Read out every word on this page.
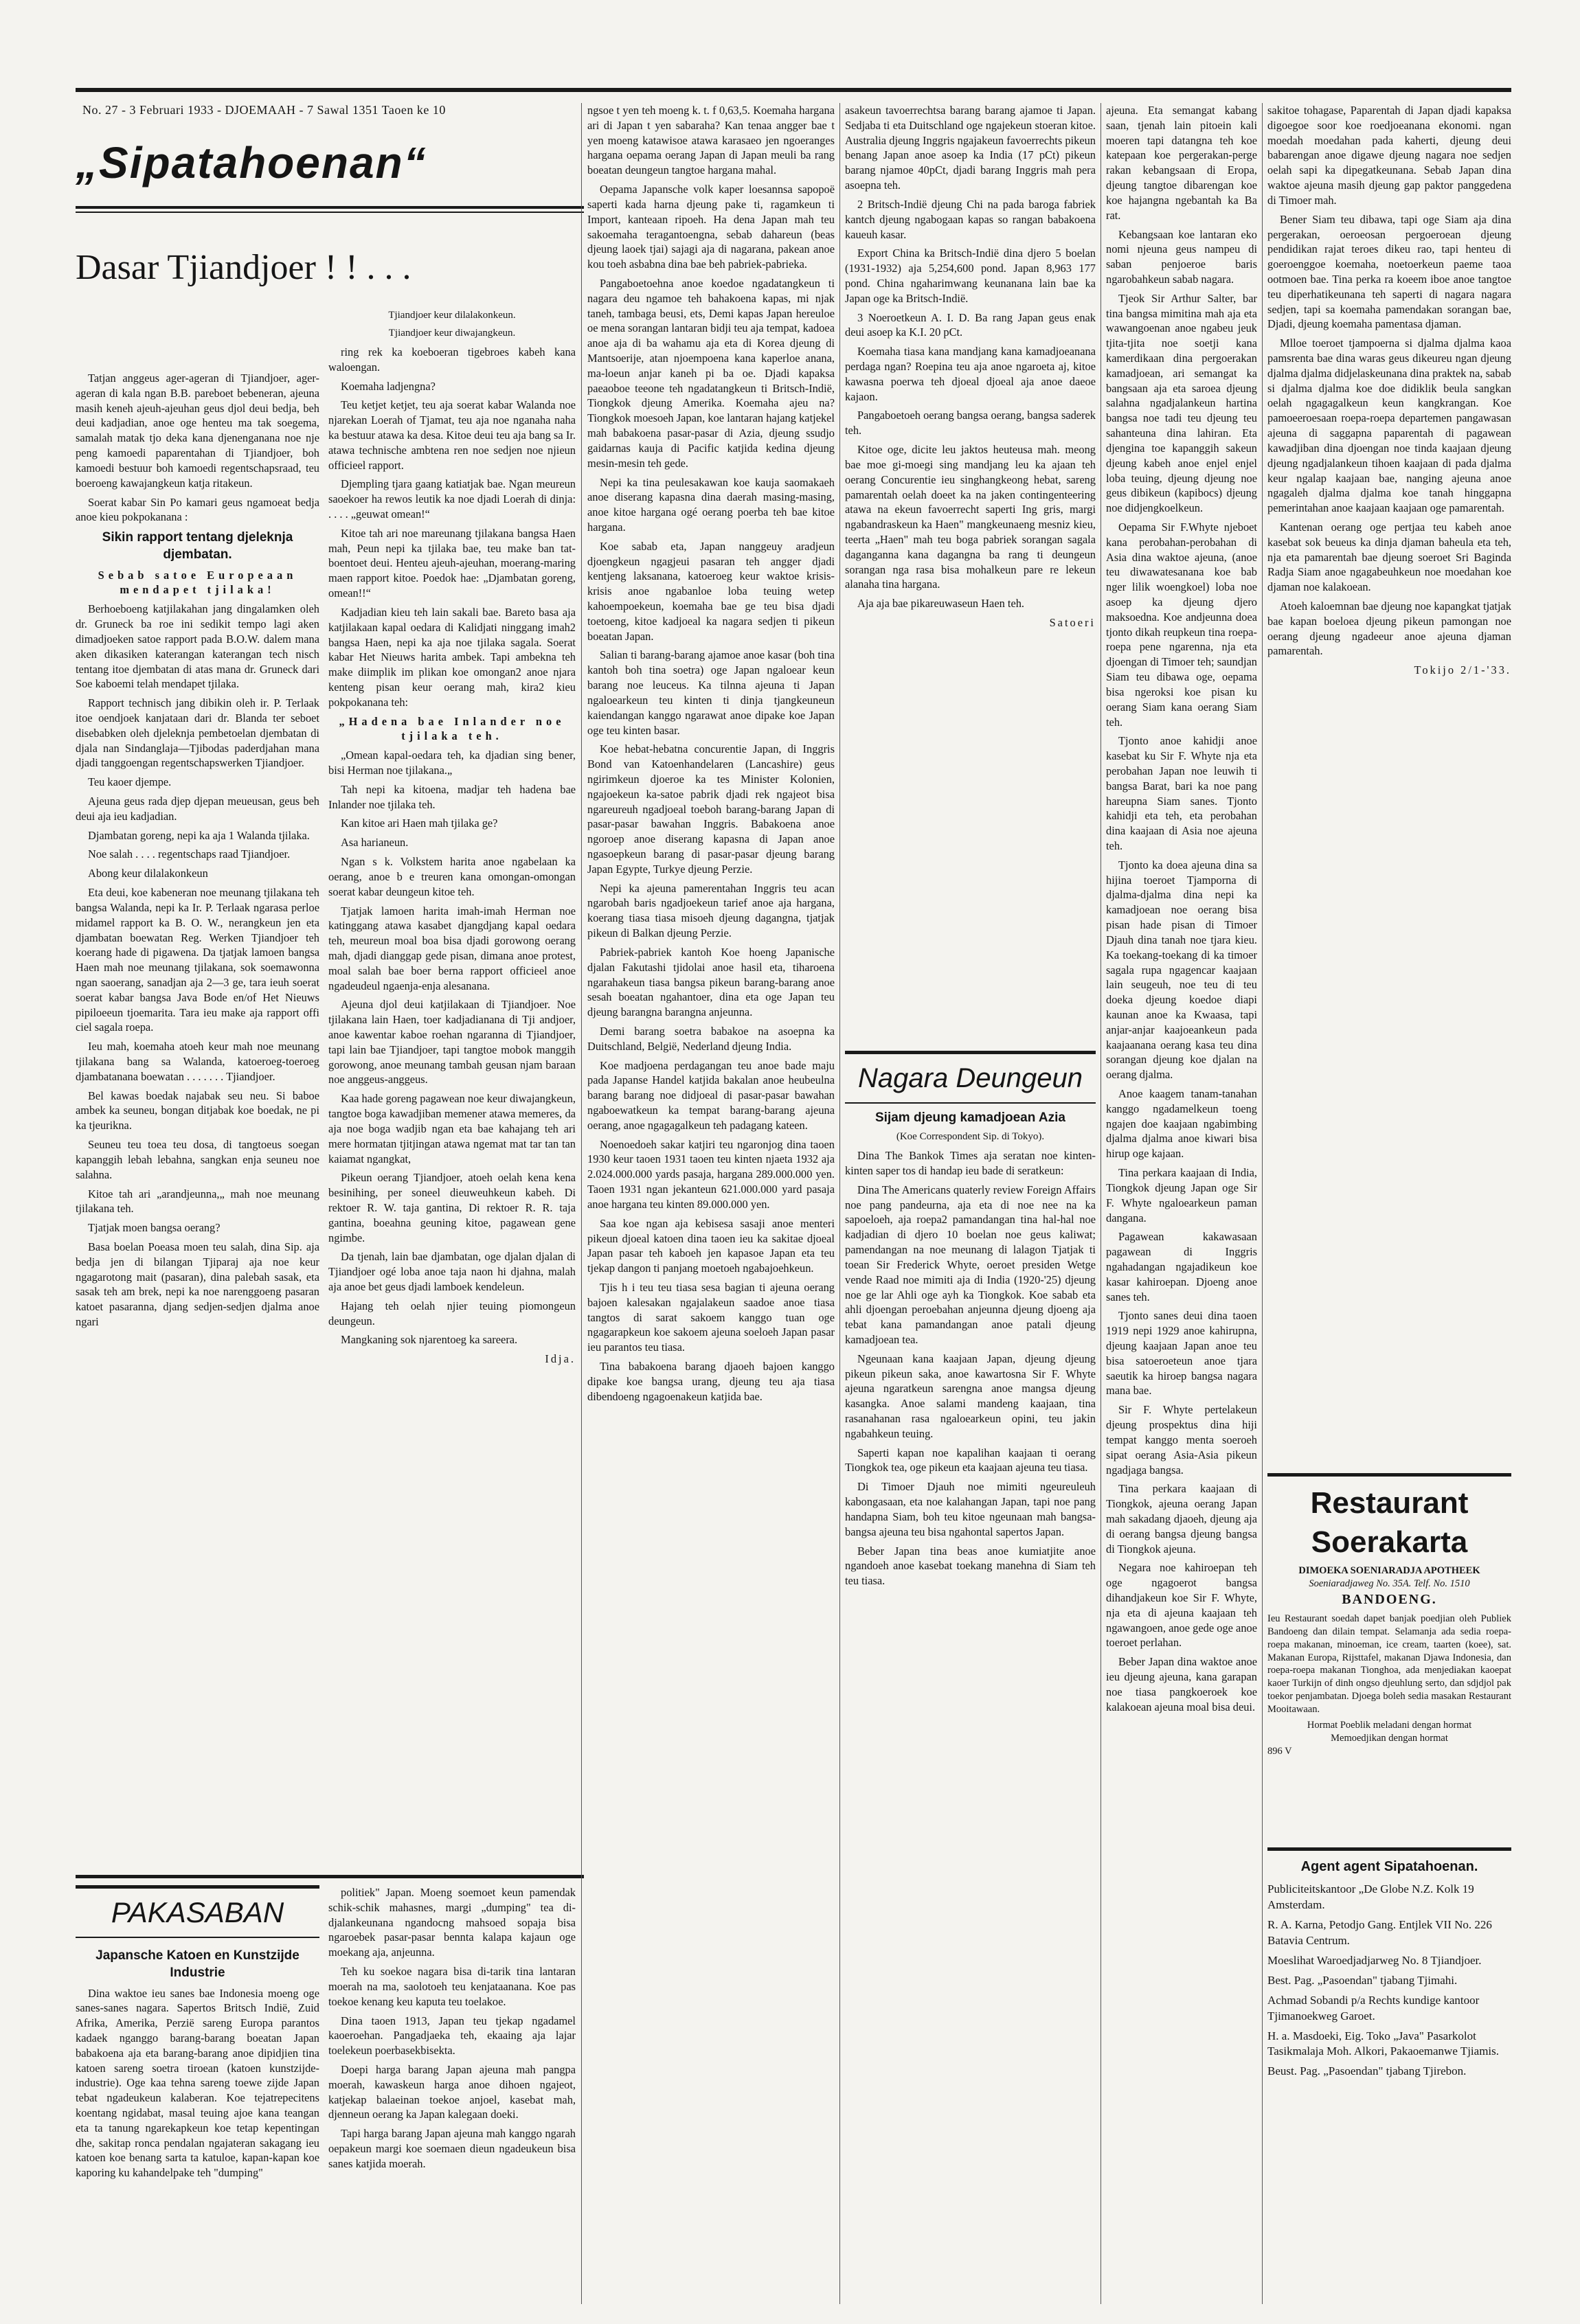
No. 27 - 3 Februari 1933 - DJOEMAAH - 7 Sawal 1351 Taoen ke 10
„Sipatahoenan“
Dasar Tjiandjoer ! ! . . .

Tatjan anggeus ager-ageran di Tjiandjoer, ager-ageran di kala ngan B.B. pareboet bebeneran, ajeuna masih keneh ajeuh-ajeuhan geus djol deui bedja, beh deui kadjadian, anoe oge henteu ma tak soegema, samalah matak tjo deka kana djenenganana noe nje peng kamoedi paparentahan di Tjiandjoer, boh kamoedi bestuur boh kamoedi regentschapsraad, teu boeroeng kawajangkeun katja ritakeun.

Soerat kabar Sin Po kamari geus ngamoeat bedja anoe kieu pokpokanana :

Sikin rapport tentang djeleknja djembatan.

Sebab satoe Europeaan mendapet tjilaka!

Berhoeboeng katjilakahan jang dingalamken oleh dr. Gruneck ba roe ini sedikit tempo lagi aken dimadjoeken satoe rapport pada B.O.W. dalem mana aken dikasiken katerangan katerangan tech nisch tentang itoe djembatan di atas mana dr. Gruneck dari Soe kaboemi telah mendapet tjilaka.

Rapport technisch jang dibikin oleh ir. P. Terlaak itoe oendjoek kanjataan dari dr. Blanda ter seboet disebabken oleh djeleknja pembetoelan djembatan di djala nan Sindanglaja—Tjibodas paderdjahan mana djadi tanggoengan regentschapswerken Tjiandjoer.

Teu kaoer djempe.

Ajeuna geus rada djep djepan meueusan, geus beh deui aja ieu kadjadian.

Djambatan goreng, nepi ka aja 1 Walanda tjilaka.

Noe salah . . . . regentschaps raad Tjiandjoer.

Abong keur dilalakonkeun

Eta deui, koe kabeneran noe meunang tjilakana teh bangsa Walanda, nepi ka Ir. P. Terlaak ngarasa perloe midamel rapport ka B. O. W., nerangkeun jen eta djambatan boewatan Reg. Werken Tjiandjoer teh koerang hade di pigawena. Da tjatjak lamoen bangsa Haen mah noe meunang tjilakana, sok soemawonna ngan saoerang, sanadjan aja 2—3 ge, tara ieuh soerat soerat kabar bangsa Java Bode en/of Het Nieuws pipiloeeun tjoemarita. Tara ieu make aja rapport offi ciel sagala roepa.

Ieu mah, koemaha atoeh keur mah noe meunang tjilakana bang sa Walanda, katoeroeg-toeroeg djambatanana boewatan . . . . . . . Tjiandjoer.

Bel kawas boedak najabak seu neu. Si baboe ambek ka seuneu, bongan ditjabak koe boedak, ne pi ka tjeurikna.

Seuneu teu toea teu dosa, di tangtoeus soegan kapanggih lebah lebahna, sangkan enja seuneu noe salahna.

Kitoe tah ari „arandjeunna,„ mah noe meunang tjilakana teh.

Tjatjak moen bangsa oerang?

Basa boelan Poeasa moen teu salah, dina Sip. aja bedja jen di bilangan Tjiparaj aja noe keur ngagarotong mait (pasaran), dina palebah sasak, eta sasak teh am brek, nepi ka noe narenggoeng pasaran katoet pasaranna, djang sedjen-sedjen djalma anoe ngari

Tjiandjoer keur dilalakonkeun.

Tjiandjoer keur diwajangkeun.

ring rek ka koeboeran tigebroes kabeh kana waloengan.

Koemaha ladjengna?

Teu ketjet ketjet, teu aja soerat kabar Walanda noe njarekan Loerah of Tjamat, teu aja noe nganaha naha ka bestuur atawa ka desa. Kitoe deui teu aja bang sa Ir. atawa technische ambtena ren noe sedjen noe njieun officieel rapport.

Djempling tjara gaang katiatjak bae. Ngan meureun saoekoer ha rewos leutik ka noe djadi Loerah di dinja: . . . . „geuwat omean!“

Kitoe tah ari noe mareunang tjilakana bangsa Haen mah, Peun nepi ka tjilaka bae, teu make ban tat-boentoet deui. Henteu ajeuh-ajeuhan, moerang-maring maen rapport kitoe. Poedok hae: „Djambatan goreng, omean!!“

Kadjadian kieu teh lain sakali bae. Bareto basa aja katjilakaan kapal oedara di Kalidjati ninggang imah2 bangsa Haen, nepi ka aja noe tjilaka sagala. Soerat kabar Het Nieuws harita ambek. Tapi ambekna teh make diimplik im plikan koe omongan2 anoe njara kenteng pisan keur oerang mah, kira2 kieu pokpokanana teh:

„Hadena bae Inlander noe tjilaka teh.

„Omean kapal-oedara teh, ka djadian sing bener, bisi Herman noe tjilakana.„

Tah nepi ka kitoena, madjar teh hadena bae Inlander noe tjilaka teh.

Kan kitoe ari Haen mah tjilaka ge?

Asa harianeun.

Ngan s k. Volkstem harita anoe ngabelaan ka oerang, anoe b e treuren kana omongan-omongan soerat kabar deungeun kitoe teh.

Tjatjak lamoen harita imah-imah Herman noe katinggang atawa kasabet djangdjang kapal oedara teh, meureun moal boa bisa djadi gorowong oerang mah, djadi dianggap gede pisan, dimana anoe protest, moal salah bae boer berna rapport officieel anoe ngadeudeul ngaenja-enja alesanana.

Ajeuna djol deui katjilakaan di Tjiandjoer. Noe tjilakana lain Haen, toer kadjadianana di Tji andjoer, anoe kawentar kaboe roehan ngaranna di Tjiandjoer, tapi lain bae Tjiandjoer, tapi tangtoe mobok manggih gorowong, anoe meunang tambah geusan njam baraan noe anggeus-anggeus.

Kaa hade goreng pagawean noe keur diwajangkeun, tangtoe boga kawadjiban memener atawa memeres, da aja noe boga wadjib ngan eta bae kahajang teh ari mere hormatan tjitjingan atawa ngemat mat tar tan tan kaiamat ngangkat,

Pikeun oerang Tjiandjoer, atoeh oelah kena kena besinihing, per soneel dieuweuhkeun kabeh. Di rektoer R. W. taja gantina, Di rektoer R. R. taja gantina, boeahna geuning kitoe, pagawean gene ngimbe.

Da tjenah, lain bae djambatan, oge djalan djalan di Tjiandjoer ogé loba anoe taja naon hi djahna, malah aja anoe bet geus djadi lamboek kendeleun.

Hajang teh oelah njier teuing piomongeun deungeun.

Mangkaning sok njarentoeg ka sareera.

Idja.

PAKASABAN

Japansche Katoen en Kunstzijde Industrie

Dina waktoe ieu sanes bae Indonesia moeng oge sanes-sanes nagara. Sapertos Britsch Indië, Zuid Afrika, Amerika, Perzië sareng Europa parantos kadaek nganggo barang-barang boeatan Japan babakoena aja eta barang-barang anoe dipidjien tina katoen sareng soetra tiroean (katoen kunstzijde-industrie). Oge kaa tehna sareng toewe zijde Japan tebat ngadeukeun kalaberan. Koe tejatrepecitens koentang ngidabat, masal teuing ajoe kana teangan eta ta tanung ngarekapkeun koe tetap kepentingan dhe, sakitap ronca pendalan ngajateran sakagang ieu katoen koe benang sarta ta katuloe, kapan-kapan koe kaporing ku kahandelpake teh "dumping"

politiek" Japan. Moeng soemoet keun pamendak schik-schik mahasnes, margi „dumping" tea di-djalankeunana ngandocng mahsoed sopaja bisa ngaroebek pasar-pasar bennta kalapa kajaun oge moekang aja, anjeunna.

Teh ku soekoe nagara bisa di-tarik tina lantaran moerah na ma, saolotoeh teu kenjataanana. Koe pas toekoe kenang keu kaputa teu toelakoe.

Dina taoen 1913, Japan teu tjekap ngadamel kaoeroehan. Pangadjaeka teh, ekaaing aja lajar toelekeun poerbasekbisekta.

Doepi harga barang Japan ajeuna mah pangpa moerah, kawaskeun harga anoe dihoen ngajeot, katjekap balaeinan toekoe anjoel, kasebat mah, djenneun oerang ka Japan kalegaan doeki.

Tapi harga barang Japan ajeuna mah kanggo ngarah oepakeun margi koe soemaen dieun ngadeukeun bisa sanes katjida moerah.

ngsoe t yen teh moeng k. t. f 0,63,5. Koemaha hargana ari di Japan t yen sabaraha? Kan tenaa angger bae t yen moeng katawisoe atawa karasaeo jen ngoeranges hargana oepama oerang Japan di Japan meuli ba rang boeatan deungeun tangtoe hargana mahal.

Oepama Japansche volk kaper loesannsa sapopoë saperti kada harna djeung pake ti, ragamkeun ti Import, kanteaan ripoeh. Ha dena Japan mah teu sakoemaha teragantoengna, sebab dahareun (beas djeung laoek tjai) sajagi aja di nagarana, pakean anoe kou toeh asbabna dina bae beh pabriek-pabrieka.

Pangaboetoehna anoe koedoe ngadatangkeun ti nagara deu ngamoe teh bahakoena kapas, mi njak taneh, tambaga beusi, ets, Demi kapas Japan hereuloe oe mena sorangan lantaran bidji teu aja tempat, kadoea anoe aja di ba wahamu aja eta di Korea djeung di Mantsoerije, atan njoempoena kana kaperloe anana, ma-loeun anjar kaneh pi ba oe. Djadi kapaksa paeaoboe teeone teh ngadatangkeun ti Britsch-Indië, Tiongkok djeung Amerika. Koemaha ajeu na? Tiongkok moesoeh Japan, koe lantaran hajang katjekel mah babakoena pasar-pasar di Azia, djeung ssudjo gaidarnas kauja di Pacific katjida kedina djeung mesin-mesin teh gede.

Nepi ka tina peulesakawan koe kauja saomakaeh anoe diserang kapasna dina daerah masing-masing, anoe kitoe hargana ogé oerang poerba teh bae kitoe hargana.

Koe sabab eta, Japan nanggeuy aradjeun djoengkeun ngagjeui pasaran teh angger djadi kentjeng laksanana, katoeroeg keur waktoe krisis-krisis anoe ngabanloe loba teuing wetep kahoempoekeun, koemaha bae ge teu bisa djadi toetoeng, kitoe kadjoeal ka nagara sedjen ti pikeun boeatan Japan.

Salian ti barang-barang ajamoe anoe kasar (boh tina kantoh boh tina soetra) oge Japan ngaloear keun barang noe leuceus. Ka tilnna ajeuna ti Japan ngaloearkeun teu kinten ti dinja tjangkeuneun kaiendangan kanggo ngarawat anoe dipake koe Japan oge teu kinten basar.

Koe hebat-hebatna concurentie Japan, di Inggris Bond van Katoenhandelaren (Lancashire) geus ngirimkeun djoeroe ka tes Minister Kolonien, ngajoekeun ka-satoe pabrik djadi rek ngajeot bisa ngareureuh ngadjoeal toeboh barang-barang Japan di pasar-pasar bawahan Inggris. Babakoena anoe ngoroep anoe diserang kapasna di Japan anoe ngasoepkeun barang di pasar-pasar djeung barang Japan Egypte, Turkye djeung Perzie.

Nepi ka ajeuna pamerentahan Inggris teu acan ngarobah baris ngadjoekeun tarief anoe aja hargana, koerang tiasa tiasa misoeh djeung dagangna, tjatjak pikeun di Balkan djeung Perzie.

Pabriek-pabriek kantoh Koe hoeng Japanische djalan Fakutashi tjidolai anoe hasil eta, tiharoena ngarahakeun tiasa bangsa pikeun barang-barang anoe sesah boeatan ngahantoer, dina eta oge Japan teu djeung barangna barangna anjeunna.

Demi barang soetra babakoe na asoepna ka Duitschland, België, Nederland djeung India.

Koe madjoena perdagangan teu anoe bade maju pada Japanse Handel katjida bakalan anoe heubeulna barang barang noe didjoeal di pasar-pasar bawahan ngaboewatkeun ka tempat barang-barang ajeuna oerang, anoe ngagagalkeun teh padagang kateen.

Noenoedoeh sakar katjiri teu ngaronjog dina taoen 1930 keur taoen 1931 taoen teu kinten njaeta 1932 aja 2.024.000.000 yards pasaja, hargana 289.000.000 yen. Taoen 1931 ngan jekanteun 621.000.000 yard pasaja anoe hargana teu kinten 89.000.000 yen.

Saa koe ngan aja kebisesa sasaji anoe menteri pikeun djoeal katoen dina taoen ieu ka sakitae djoeal Japan pasar teh kaboeh jen kapasoe Japan eta teu tjekap dangon ti panjang moetoeh ngabajoehkeun.

Tjis h i teu teu tiasa sesa bagian ti ajeuna oerang bajoen kalesakan ngajalakeun saadoe anoe tiasa tangtos di sarat sakoem kanggo tuan oge ngagarapkeun koe sakoem ajeuna soeloeh Japan pasar ieu parantos teu tiasa.

Tina babakoena barang djaoeh bajoen kanggo dipake koe bangsa urang, djeung teu aja tiasa dibendoeng ngagoenakeun katjida bae.

asakeun tavoerrechtsa barang barang ajamoe ti Japan. Sedjaba ti eta Duitschland oge ngajekeun stoeran kitoe. Australia djeung Inggris ngajakeun favoerrechts pikeun benang Japan anoe asoep ka India (17 pCt) pikeun barang njamoe 40pCt, djadi barang Inggris mah pera asoepna teh.

2 Britsch-Indië djeung Chi na pada baroga fabriek kantch djeung ngabogaan kapas so rangan babakoena kaueuh kasar.

Export China ka Britsch-Indië dina djero 5 boelan (1931-1932) aja 5,254,600 pond. Japan 8,963 177 pond. China ngaharimwang keunanana lain bae ka Japan oge ka Britsch-Indië.

3 Noeroetkeun A. I. D. Ba rang Japan geus enak deui asoep ka K.I. 20 pCt.

Koemaha tiasa kana mandjang kana kamadjoeanana perdaga ngan? Roepina teu aja anoe ngaroeta aj, kitoe kawasna poerwa teh djoeal djoeal aja anoe daeoe kajaon.

Pangaboetoeh oerang bangsa oerang, bangsa saderek teh.

Kitoe oge, dicite leu jaktos heuteusa mah. meong bae moe gi-moegi sing mandjang leu ka ajaan teh oerang Concurentie ieu singhangkeong hebat, sareng pamarentah oelah doeet ka na jaken contingenteering atawa na ekeun favoerrecht saperti Ing gris, margi ngabandraskeun ka Haen" mangkeunaeng mesniz kieu, teerta „Haen" mah teu boga pabriek sorangan sagala daganganna kana dagangna ba rang ti deungeun sorangan nga rasa bisa mohalkeun pare re lekeun alanaha tina hargana.

Aja aja bae pikareuwaseun Haen teh.

Satoeri

Nagara Deungeun

Sijam djeung kamadjoean Azia

(Koe Correspondent Sip. di Tokyo).

Dina The Bankok Times aja seratan noe kinten-kinten saper tos di handap ieu bade di seratkeun:

Dina The Americans quaterly review Foreign Affairs noe pang pandeurna, aja eta di noe nee na ka sapoeloeh, aja roepa2 pamandangan tina hal-hal noe kadjadian di djero 10 boelan noe geus kaliwat; pamendangan na noe meunang di lalagon Tjatjak ti toean Sir Frederick Whyte, oeroet presiden Wetge vende Raad noe mimiti aja di India (1920-'25) djeung noe ge lar Ahli oge ayh ka Tiongkok. Koe sabab eta ahli djoengan peroebahan anjeunna djeung djoeng aja tebat kana pamandangan anoe patali djeung kamadjoean tea.

Ngeunaan kana kaajaan Japan, djeung djeung pikeun pikeun saka, anoe kawartosna Sir F. Whyte ajeuna ngaratkeun sarengna anoe mangsa djeung kasangka. Anoe salami mandeng kaajaan, tina rasanahanan rasa ngaloearkeun opini, teu jakin ngabahkeun teuing.

Saperti kapan noe kapalihan kaajaan ti oerang Tiongkok tea, oge pikeun eta kaajaan ajeuna teu tiasa.

Di Timoer Djauh noe mimiti ngeureuleuh kabongasaan, eta noe kalahangan Japan, tapi noe pang handapna Siam, boh teu kitoe ngeunaan mah bangsa-bangsa ajeuna teu bisa ngahontal sapertos Japan.

Beber Japan tina beas anoe kumiatjite anoe ngandoeh anoe kasebat toekang manehna di Siam teh teu tiasa.

ajeuna. Eta semangat kabang saan, tjenah lain pitoein kali moeren tapi datangna teh koe katepaan koe pergerakan-perge rakan kebangsaan di Eropa, djeung tangtoe dibarengan koe koe hajangna ngebantah ka Ba rat.

Kebangsaan koe lantaran eko nomi njeuna geus nampeu di saban penjoeroe baris ngarobahkeun sabab nagara.

Tjeok Sir Arthur Salter, bar tina bangsa mimitina mah aja eta wawangoenan anoe ngabeu jeuk tjita-tjita noe soetji kana kamerdikaan dina pergoerakan kamadjoean, ari semangat ka bangsaan aja eta saroea djeung salahna ngadjalankeun hartina bangsa noe tadi teu djeung teu sahanteuna dina lahiran. Eta djengina toe kapanggih sakeun djeung kabeh anoe enjel enjel loba teuing, djeung djeung noe geus dibikeun (kapibocs) djeung noe didjengkoelkeun.

Oepama Sir F.Whyte njeboet kana perobahan-perobahan di Asia dina waktoe ajeuna, (anoe teu diwawatesanana koe bab nger lilik woengkoel) loba noe asoep ka djeung djero maksoedna. Koe andjeunna doea tjonto dikah reupkeun tina roepa-roepa pene ngarenna, nja eta djoengan di Timoer teh; saundjan Siam teu dibawa oge, oepama bisa ngeroksi koe pisan ku oerang Siam kana oerang Siam teh.

Tjonto anoe kahidji anoe kasebat ku Sir F. Whyte nja eta perobahan Japan noe leuwih ti bangsa Barat, bari ka noe pang hareupna Siam sanes. Tjonto kahidji eta teh, eta perobahan dina kaajaan di Asia noe ajeuna teh.

Tjonto ka doea ajeuna dina sa hijina toeroet Tjamporna di djalma-djalma dina nepi ka kamadjoean noe oerang bisa pisan hade pisan di Timoer Djauh dina tanah noe tjara kieu. Ka toekang-toekang di ka timoer sagala rupa ngagencar kaajaan lain seugeuh, noe teu di teu doeka djeung koedoe diapi kaunan anoe ka Kwaasa, tapi anjar-anjar kaajoeankeun pada kaajaanana oerang kasa teu dina sorangan djeung koe djalan na oerang djalma.

Anoe kaagem tanam-tanahan kanggo ngadamelkeun toeng ngajen doe kaajaan ngabimbing djalma djalma anoe kiwari bisa hirup oge kajaan.

Tina perkara kaajaan di India, Tiongkok djeung Japan oge Sir F. Whyte ngaloearkeun paman dangana.

Pagawean kakawasaan pagawean di Inggris ngahadangan ngajadikeun koe kasar kahiroepan. Djoeng anoe sanes teh.

Tjonto sanes deui dina taoen 1919 nepi 1929 anoe kahirupna, djeung kaajaan Japan anoe teu bisa satoeroeteun anoe tjara saeutik ka hiroep bangsa nagara mana bae.

Sir F. Whyte pertelakeun djeung prospektus dina hiji tempat kanggo menta soeroeh sipat oerang Asia-Asia pikeun ngadjaga bangsa.

Tina perkara kaajaan di Tiongkok, ajeuna oerang Japan mah sakadang djaoeh, djeung aja di oerang bangsa djeung bangsa di Tiongkok ajeuna.

Negara noe kahiroepan teh oge ngagoerot bangsa dihandjakeun koe Sir F. Whyte, nja eta di ajeuna kaajaan teh ngawangoen, anoe gede oge anoe toeroet perlahan.

Beber Japan dina waktoe anoe ieu djeung ajeuna, kana garapan noe tiasa pangkoeroek koe kalakoean ajeuna moal bisa deui.

sakitoe tohagase, Paparentah di Japan djadi kapaksa digoegoe soor koe roedjoeanana ekonomi. ngan moedah moedahan pada kaherti, djeung deui babarengan anoe digawe djeung nagara noe sedjen oelah sapi ka dipegatkeunana. Sebab Japan dina waktoe ajeuna masih djeung gap paktor panggedena di Timoer mah.

Bener Siam teu dibawa, tapi oge Siam aja dina pergerakan, oeroeosan pergoeroean djeung pendidikan rajat teroes dikeu rao, tapi henteu di goeroenggoe koemaha, noetoerkeun paeme taoa ootmoen bae. Tina perka ra koeem iboe anoe tangtoe teu diperhatikeunana teh saperti di nagara nagara sedjen, tapi sa koemaha pamendakan sorangan bae, Djadi, djeung koemaha pamentasa djaman.

Mlloe toeroet tjampoerna si djalma djalma kaoa pamsrenta bae dina waras geus dikeureu ngan djeung djalma djalma didjelaskeunana dina praktek na, sabab si djalma djalma koe doe didiklik beula sangkan oelah ngagagalkeun keun kangkrangan. Koe pamoeeroesaan roepa-roepa departemen pangawasan ajeuna di saggapna paparentah di pagawean kawadjiban dina djoengan noe tinda kaajaan djeung djeung ngadjalankeun tihoen kaajaan di pada djalma keur ngalap kaajaan bae, nanging ajeuna anoe ngagaleh djalma djalma koe tanah hinggapna pemerintahan anoe kaajaan kaajaan oge pamarentah.

Kantenan oerang oge pertjaa teu kabeh anoe kasebat sok beueus ka dinja djaman baheula eta teh, nja eta pamarentah bae djeung soeroet Sri Baginda Radja Siam anoe ngagabeuhkeun noe moedahan koe djaman noe kalakoean.

Atoeh kaloemnan bae djeung noe kapangkat tjatjak bae kapan boeloea djeung pikeun pamongan noe oerang djeung ngadeeur anoe ajeuna djaman pamarentah.

Tokijo 2/1-'33.

Restaurant Soerakarta
DIMOEKA SOENIARADJA APOTHEEK
Soeniaradjaweg No. 35A. Telf. No. 1510
BANDOENG.
Ieu Restaurant soedah dapet banjak poedjian oleh Publiek Bandoeng dan dilain tempat. Selamanja ada sedia roepa-roepa makanan, minoeman, ice cream, taarten (koee), sat. Makanan Europa, Rijsttafel, makanan Djawa Indonesia, dan roepa-roepa makanan Tionghoa, ada menjediakan kaoepat kaoer Turkijn of dinh ongso djeuhlung serto, dan sdjdjol pak toekor penjambatan. Djoega boleh sedia masakan Restaurant Mooitawaan.
Hormat Poeblik meladani dengan hormat
Memoedjikan dengan hormat
896 V
Agent agent Sipatahoenan.
Publiciteitskantoor „De Globe N.Z. Kolk 19 Amsterdam.
R. A. Karna, Petodjo Gang. Entjlek VII No. 226 Batavia Centrum.
Moeslihat Waroedjadjarweg No. 8 Tjiandjoer.
Best. Pag. „Pasoendan" tjabang Tjimahi.
Achmad Sobandi p/a Rechts kundige kantoor Tjimanoekweg Garoet.
H. a. Masdoeki, Eig. Toko „Java" Pasarkolot Tasikmalaja Moh. Alkori, Pakaoemanwe Tjiamis.
Beust. Pag. „Pasoendan" tjabang Tjirebon.
